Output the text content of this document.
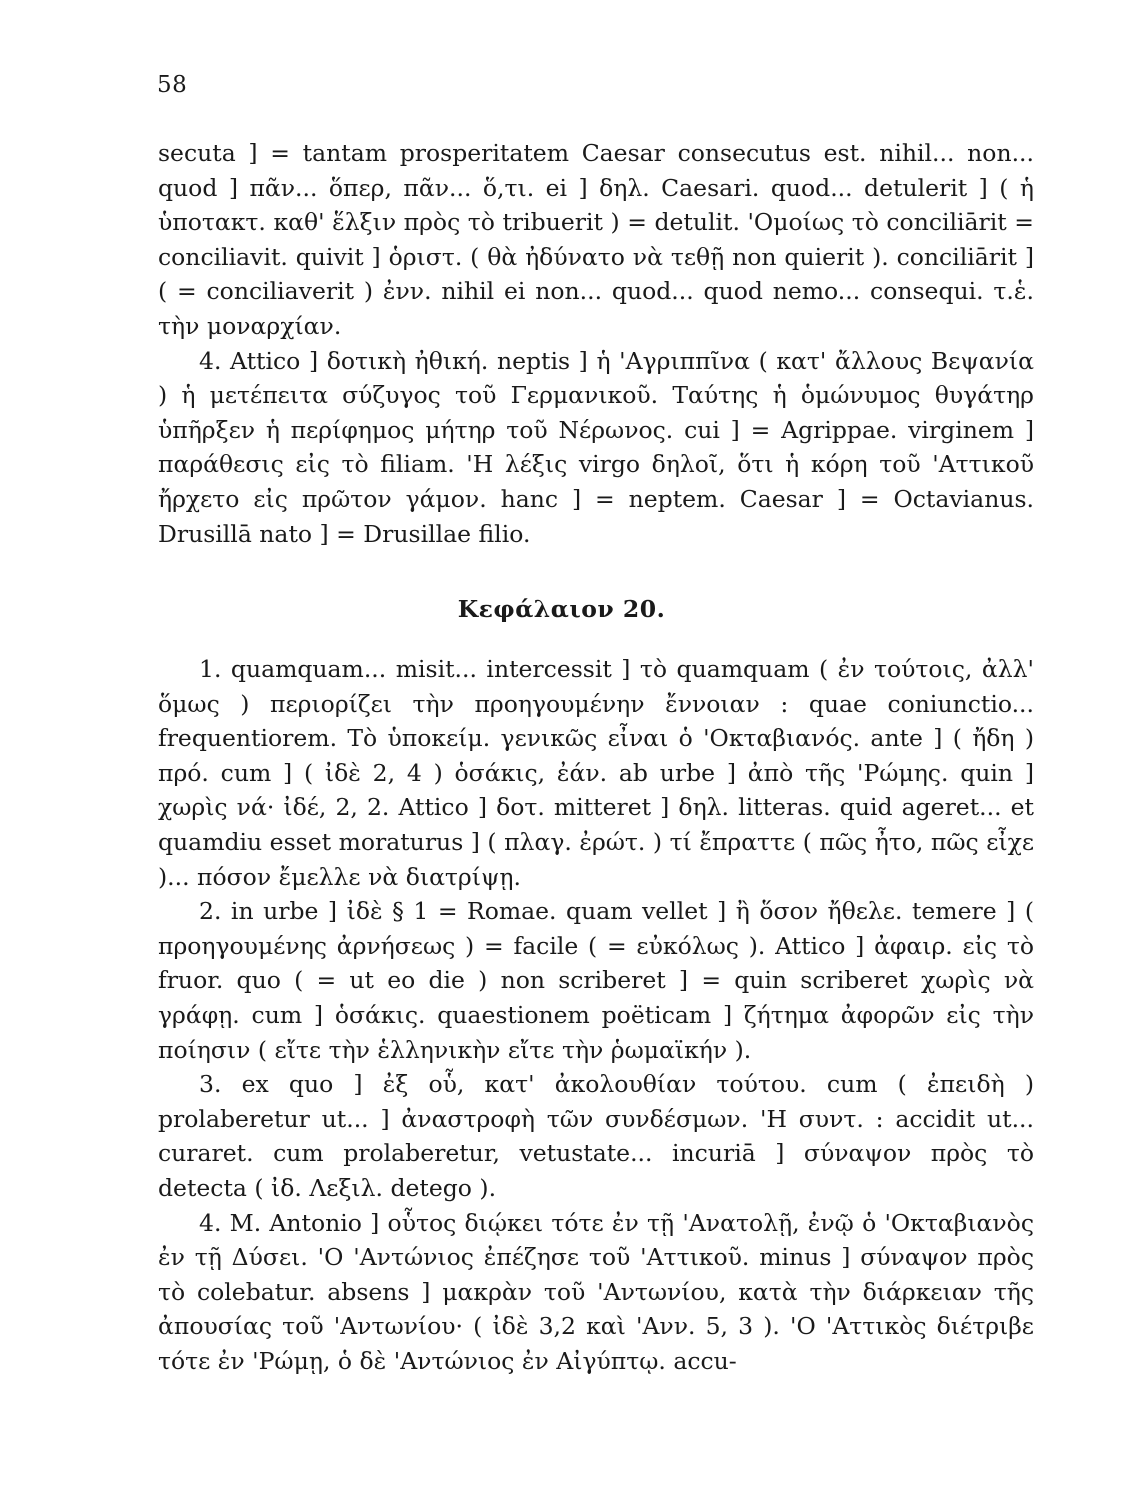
58

secuta ] = tantam prosperitatem Caesar consecutus est. nihil... non... quod ] πᾶν... ὅπερ, πᾶν... ὅ,τι. ei ] δηλ. Caesari. quod... detulerit ] ( ἡ ὑποτακτ. καθ' ἕλξιν πρὸς τὸ tribuerit ) = detulit. 'Ομοίως τὸ conciliārit = conciliavit. quivit ] ὁριστ. ( θὰ ἠδύνατο νὰ τεθῇ non quierit ). conciliārit ] ( = conciliaverit ) ἐνν. nihil ei non... quod... quod nemo... consequi. τ.ἑ. τὴν μοναρχίαν.

4. Attico ] δοτικὴ ἠθική. neptis ] ἡ 'Αγριππῖνα ( κατ' ἄλλους Βεψανία ) ἡ μετέπειτα σύζυγος τοῦ Γερμανικοῦ. Ταύτης ἡ ὁμώνυμος θυγάτηρ ὑπῆρξεν ἡ περίφημος μήτηρ τοῦ Νέρωνος. cui ] = Agrippae. virginem ] παράθεσις εἰς τὸ filiam. 'Η λέξις virgo δηλοῖ, ὅτι ἡ κόρη τοῦ 'Αττικοῦ ἤρχετο εἰς πρῶτον γάμον. hanc ] = neptem. Caesar ] = Octavianus. Drusillā nato ] = Drusillae filio.

Κεφάλαιον 20.

1. quamquam... misit... intercessit ] τὸ quamquam ( ἐν τούτοις, ἀλλ' ὅμως ) περιορίζει τὴν προηγουμένην ἔννοιαν : quae coniunctio... frequentiorem. Τὸ ὑποκείμ. γενικῶς εἶναι ὁ 'Οκταβιανός. ante ] ( ἤδη ) πρό. cum ] ( ἰδὲ 2, 4 ) ὁσάκις, ἐάν. ab urbe ] ἀπὸ τῆς 'Ρώμης. quin ] χωρὶς νά· ἰδέ, 2, 2. Attico ] δοτ. mitteret ] δηλ. litteras. quid ageret... et quamdiu esset moraturus ] ( πλαγ. ἐρώτ. ) τί ἔπραττε ( πῶς ἦτο, πῶς εἶχε )... πόσον ἔμελλε νὰ διατρίψῃ.

2. in urbe ] ἰδὲ § 1 = Romae. quam vellet ] ἢ ὅσον ἤθελε. temere ] ( προηγουμένης ἀρνήσεως ) = facile ( = εὐκόλως ). Attico ] ἀφαιρ. εἰς τὸ fruor. quo ( = ut eo die ) non scriberet ] = quin scriberet χωρὶς νὰ γράφῃ. cum ] ὁσάκις. quaestionem poëticam ] ζήτημα ἀφορῶν εἰς τὴν ποίησιν ( εἴτε τὴν ἑλληνικὴν εἴτε τὴν ῥωμαϊκήν ).

3. ex quo ] ἐξ οὗ, κατ' ἀκολουθίαν τούτου. cum ( ἐπειδὴ ) prolaberetur ut... ] ἀναστροφὴ τῶν συνδέσμων. 'Η συντ. : accidit ut... curaret. cum prolaberetur, vetustate... incuriā ] σύναψον πρὸς τὸ detecta ( ἰδ. Λεξιλ. detego ).

4. M. Antonio ] οὗτος διῴκει τότε ἐν τῇ 'Ανατολῇ, ἐνῷ ὁ 'Οκταβιανὸς ἐν τῇ Δύσει. 'Ο 'Αντώνιος ἐπέζησε τοῦ 'Αττικοῦ. minus ] σύναψον πρὸς τὸ colebatur. absens ] μακρὰν τοῦ 'Αντωνίου, κατὰ τὴν διάρκειαν τῆς ἀπουσίας τοῦ 'Αντωνίου· ( ἰδὲ 3,2 καὶ 'Ανν. 5, 3 ). 'Ο 'Αττικὸς διέτριβε τότε ἐν 'Ρώμῃ, ὁ δὲ 'Αντώνιος ἐν Αἰγύπτῳ. accu-
